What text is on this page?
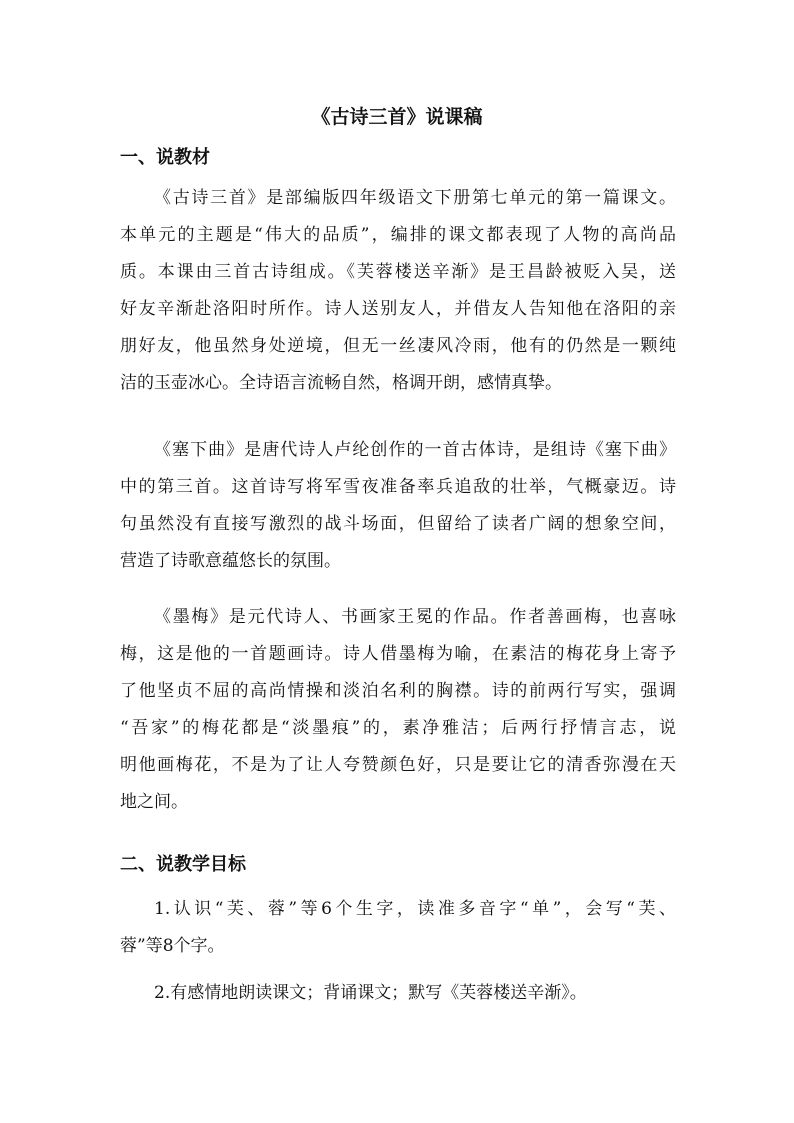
《古诗三首》说课稿
一、说教材
《古诗三首》是部编版四年级语文下册第七单元的第一篇课文。
本单元的主题是“伟大的品质”，编排的课文都表现了人物的高尚品
质。本课由三首古诗组成。《芙蓉楼送辛渐》是王昌龄被贬入吴，送
好友辛渐赴洛阳时所作。诗人送别友人，并借友人告知他在洛阳的亲
朋好友，他虽然身处逆境，但无一丝凄风冷雨，他有的仍然是一颗纯
洁的玉壶冰心。全诗语言流畅自然，格调开朗，感情真挚。
《塞下曲》是唐代诗人卢纶创作的一首古体诗，是组诗《塞下曲》
中的第三首。这首诗写将军雪夜准备率兵追敌的壮举，气概豪迈。诗
句虽然没有直接写激烈的战斗场面，但留给了读者广阔的想象空间，
营造了诗歌意蕴悠长的氛围。
《墨梅》是元代诗人、书画家王冕的作品。作者善画梅，也喜咏
梅，这是他的一首题画诗。诗人借墨梅为喻，在素洁的梅花身上寄予
了他坚贞不屈的高尚情操和淡泊名利的胸襟。诗的前两行写实，强调
“吾家”的梅花都是“淡墨痕”的，素净雅洁；后两行抒情言志，说
明他画梅花，不是为了让人夸赞颜色好，只是要让它的清香弥漫在天
地之间。
二、说教学目标
1.认识“芙、蓉”等6个生字，读准多音字“单”，会写“芙、
蓉”等8个字。
2.有感情地朗读课文；背诵课文；默写《芙蓉楼送辛渐》。
